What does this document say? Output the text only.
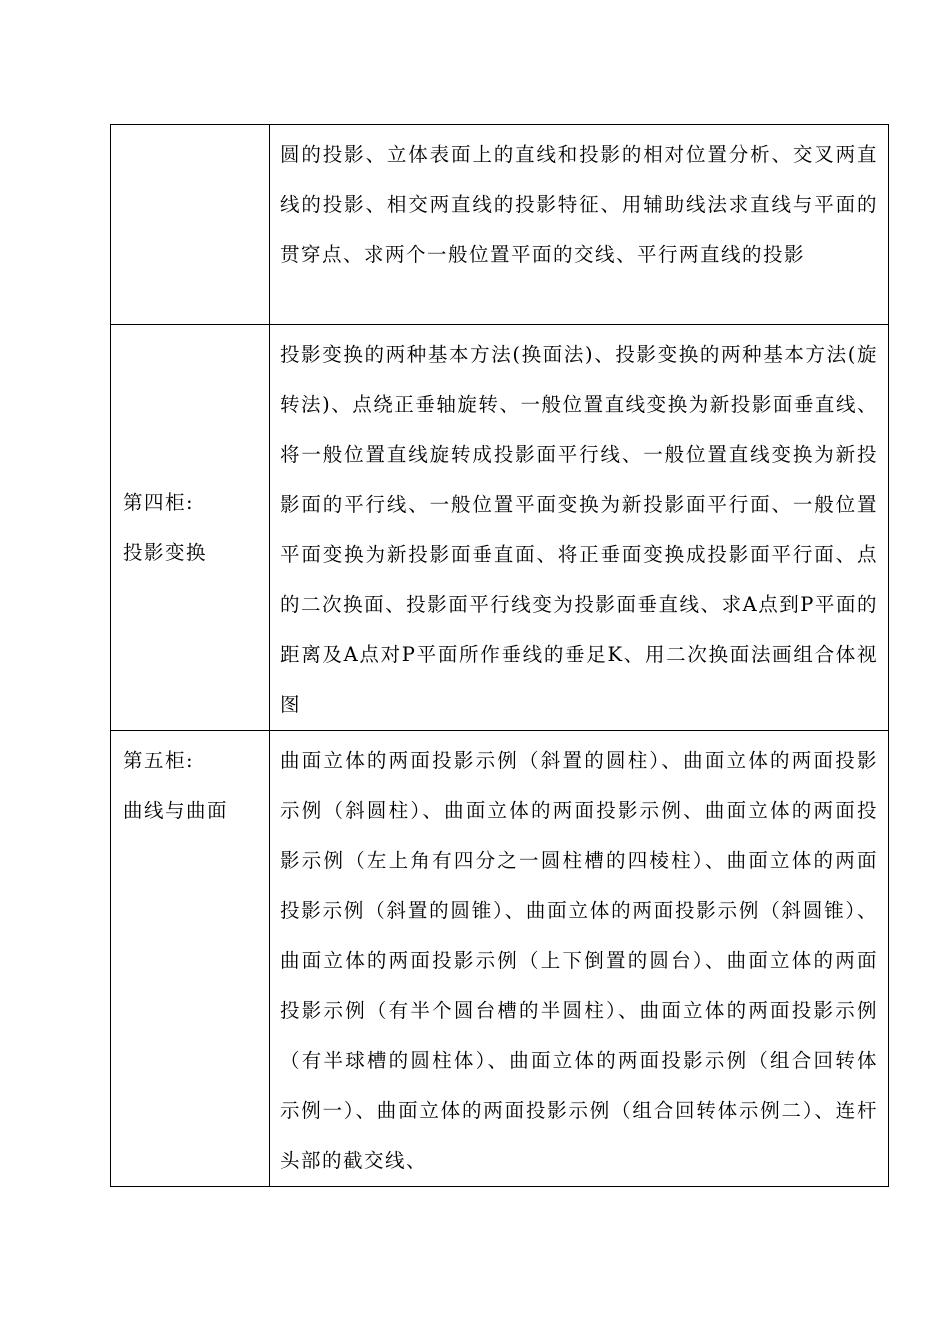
	圆的投影、立体表面上的直线和投影的相对位置分析、交叉两直线的投影、相交两直线的投影特征、用辅助线法求直线与平面的贯穿点、求两个一般位置平面的交线、平行两直线的投影

第四柜:
投影变换	投影变换的两种基本方法(换面法)、投影变换的两种基本方法(旋转法)、点绕正垂轴旋转、一般位置直线变换为新投影面垂直线、将一般位置直线旋转成投影面平行线、一般位置直线变换为新投影面的平行线、一般位置平面变换为新投影面平行面、一般位置平面变换为新投影面垂直面、将正垂面变换成投影面平行面、点的二次换面、投影面平行线变为投影面垂直线、求A点到P平面的距离及A点对P平面所作垂线的垂足K、用二次换面法画组合体视图

第五柜:
曲线与曲面	曲面立体的两面投影示例（斜置的圆柱）、曲面立体的两面投影示例（斜圆柱）、曲面立体的两面投影示例、曲面立体的两面投影示例（左上角有四分之一圆柱槽的四棱柱）、曲面立体的两面投影示例（斜置的圆锥）、曲面立体的两面投影示例（斜圆锥）、曲面立体的两面投影示例（上下倒置的圆台）、曲面立体的两面投影示例（有半个圆台槽的半圆柱）、曲面立体的两面投影示例（有半球槽的圆柱体）、曲面立体的两面投影示例（组合回转体示例一）、曲面立体的两面投影示例（组合回转体示例二）、连杆头部的截交线、
